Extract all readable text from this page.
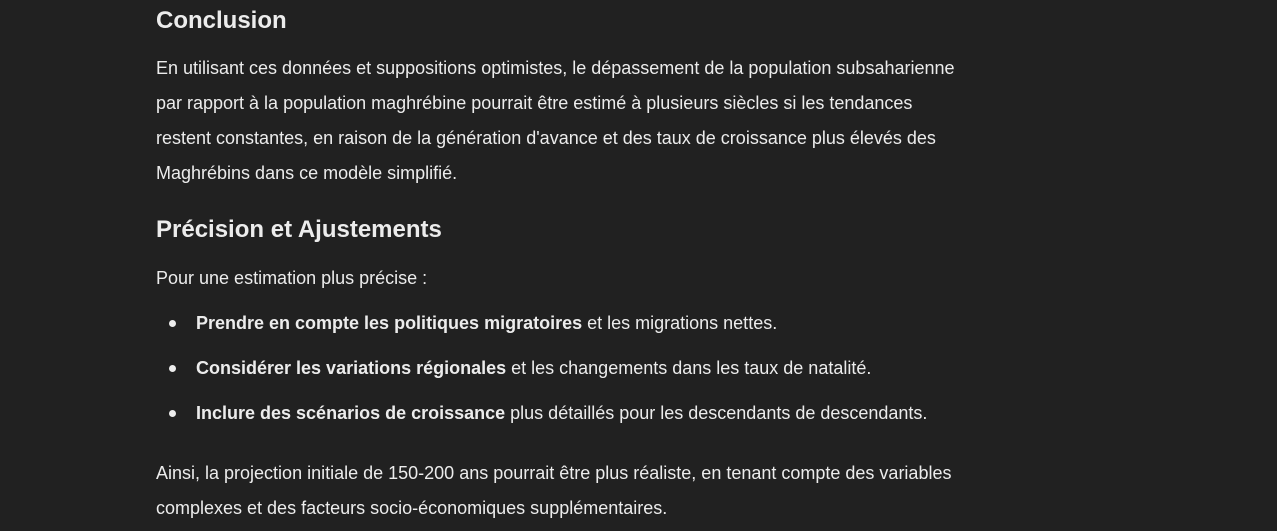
Conclusion

En utilisant ces données et suppositions optimistes, le dépassement de la population subsaharienne
par rapport à la population maghrébine pourrait être estimé à plusieurs siècles si les tendances
restent constantes, en raison de la génération d'avance et des taux de croissance plus élevés des
Maghrébins dans ce modèle simplifié.

Précision et Ajustements

Pour une estimation plus précise :

Prendre en compte les politiques migratoires et les migrations nettes.
Considérer les variations régionales et les changements dans les taux de natalité.
Inclure des scénarios de croissance plus détaillés pour les descendants de descendants.

Ainsi, la projection initiale de 150-200 ans pourrait être plus réaliste, en tenant compte des variables
complexes et des facteurs socio-économiques supplémentaires.
